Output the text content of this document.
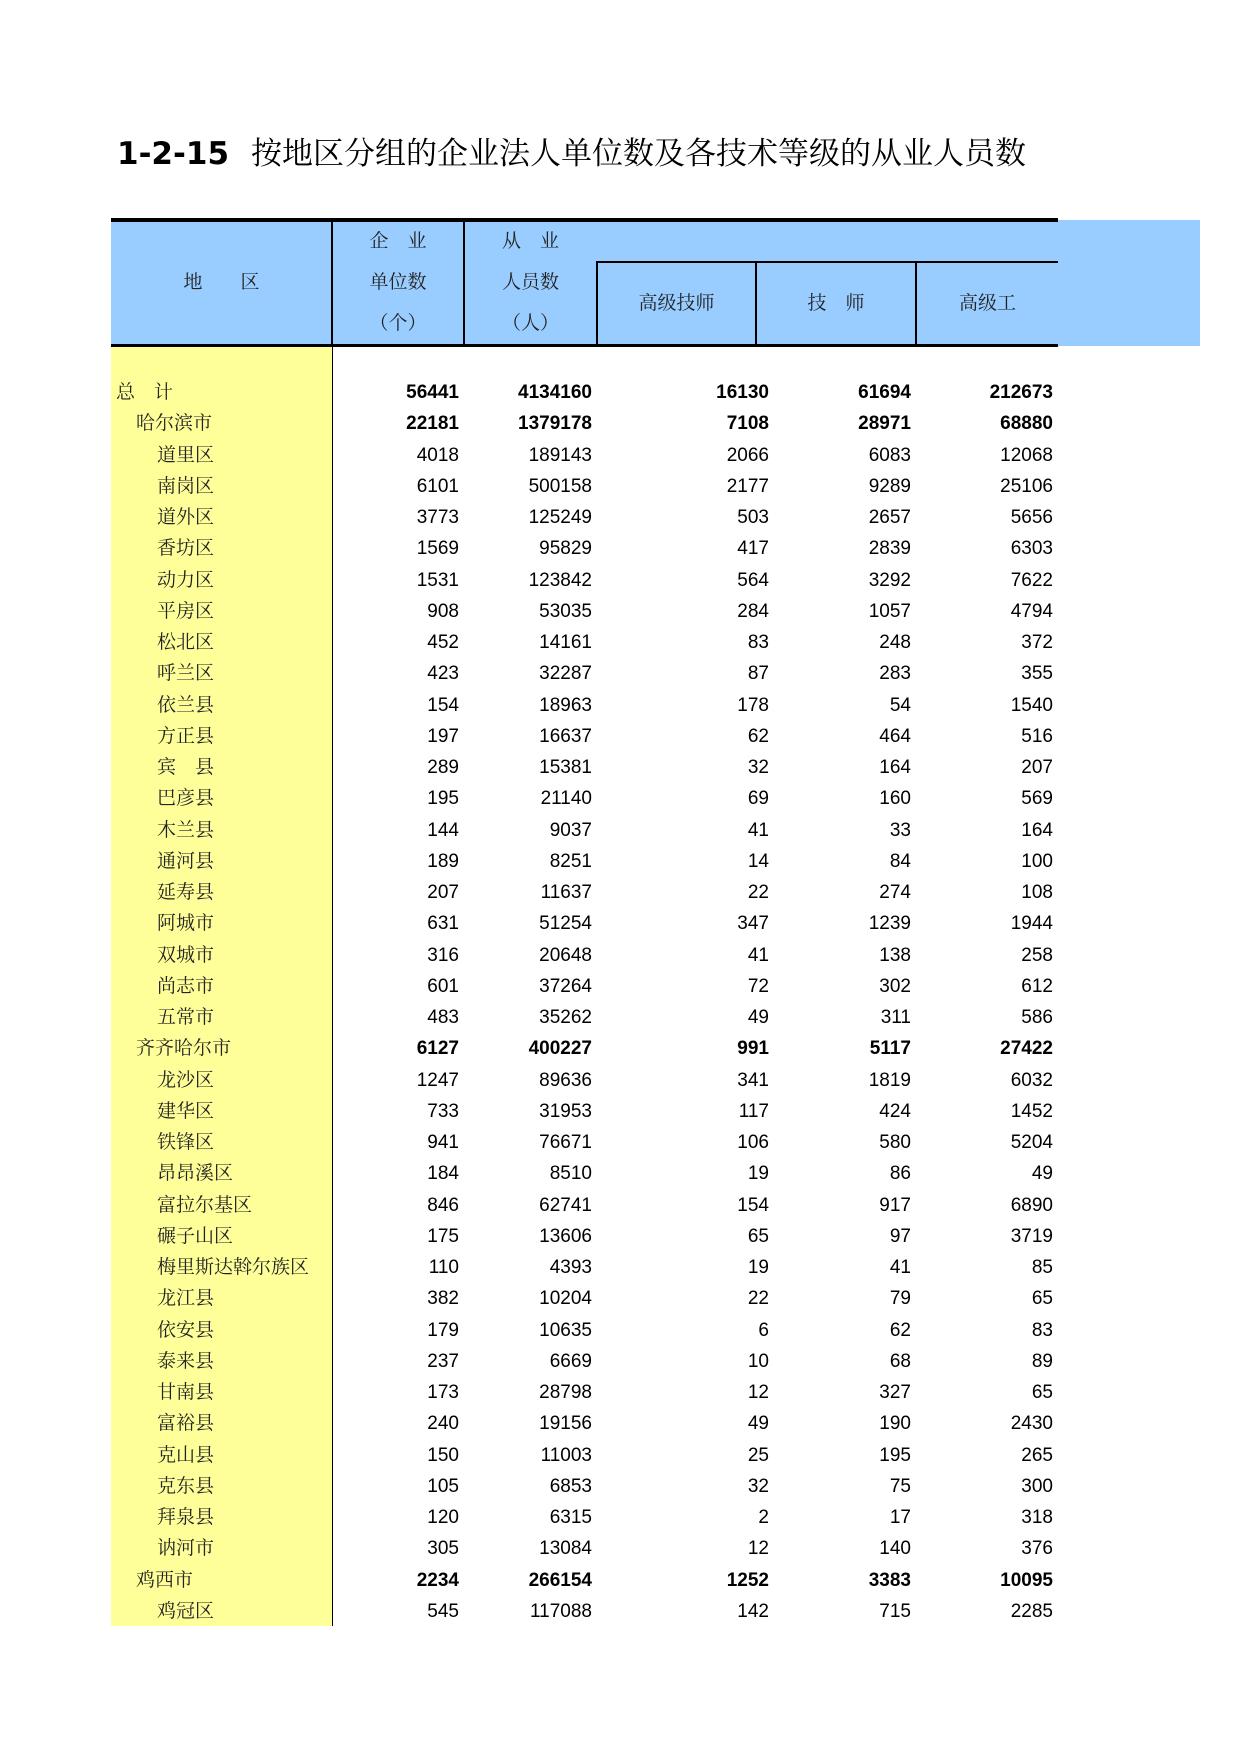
1-2-15 按地区分组的企业法人单位数及各技术等级的从业人员数
地　　区
企　业
单位数
（个）
从　业
人员数
（人）
高级技师	技　师	高级工
总　计	56441	4134160	16130	61694	212673
哈尔滨市	22181	1379178	7108	28971	68880
道里区	4018	189143	2066	6083	12068
南岗区	6101	500158	2177	9289	25106
道外区	3773	125249	503	2657	5656
香坊区	1569	95829	417	2839	6303
动力区	1531	123842	564	3292	7622
平房区	908	53035	284	1057	4794
松北区	452	14161	83	248	372
呼兰区	423	32287	87	283	355
依兰县	154	18963	178	54	1540
方正县	197	16637	62	464	516
宾　县	289	15381	32	164	207
巴彦县	195	21140	69	160	569
木兰县	144	9037	41	33	164
通河县	189	8251	14	84	100
延寿县	207	11637	22	274	108
阿城市	631	51254	347	1239	1944
双城市	316	20648	41	138	258
尚志市	601	37264	72	302	612
五常市	483	35262	49	311	586
齐齐哈尔市	6127	400227	991	5117	27422
龙沙区	1247	89636	341	1819	6032
建华区	733	31953	117	424	1452
铁锋区	941	76671	106	580	5204
昂昂溪区	184	8510	19	86	49
富拉尔基区	846	62741	154	917	6890
碾子山区	175	13606	65	97	3719
梅里斯达斡尔族区	110	4393	19	41	85
龙江县	382	10204	22	79	65
依安县	179	10635	6	62	83
泰来县	237	6669	10	68	89
甘南县	173	28798	12	327	65
富裕县	240	19156	49	190	2430
克山县	150	11003	25	195	265
克东县	105	6853	32	75	300
拜泉县	120	6315	2	17	318
讷河市	305	13084	12	140	376
鸡西市	2234	266154	1252	3383	10095
鸡冠区	545	117088	142	715	2285
